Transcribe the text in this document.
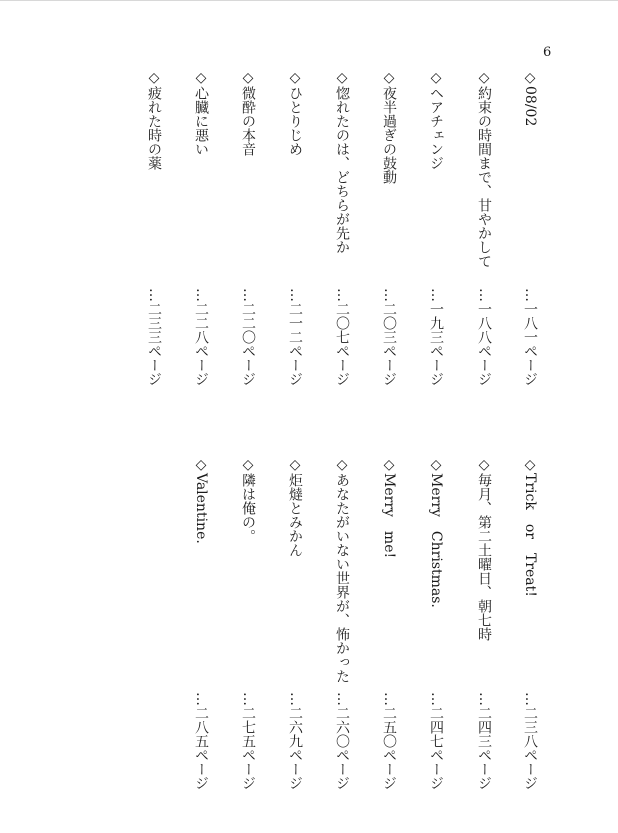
6
◇08/02
…一八一ページ
◇約束の時間まで、甘やかして
…一八八ページ
◇ヘアチェンジ
…一九三ページ
◇夜半過ぎの鼓動
…二〇三ページ
◇惚れたのは、どちらが先か
…二〇七ページ
◇ひとりじめ
…二一二ページ
◇微酔の本音
…二二〇ページ
◇心臓に悪い
…二二八ページ
◇疲れた時の薬
…二三三ページ
◇Trick　or　Treat!
…二三八ページ
◇毎月、第二土曜日、朝七時
…二四三ページ
◇Merry　Christmas.
…二四七ページ
◇Merry　me!
…二五〇ページ
◇あなたがいない世界が、怖かった
…二六〇ページ
◇炬燵とみかん
…二六九ページ
◇隣は俺の。
…二七五ページ
◇Valentine.
…二八五ページ
